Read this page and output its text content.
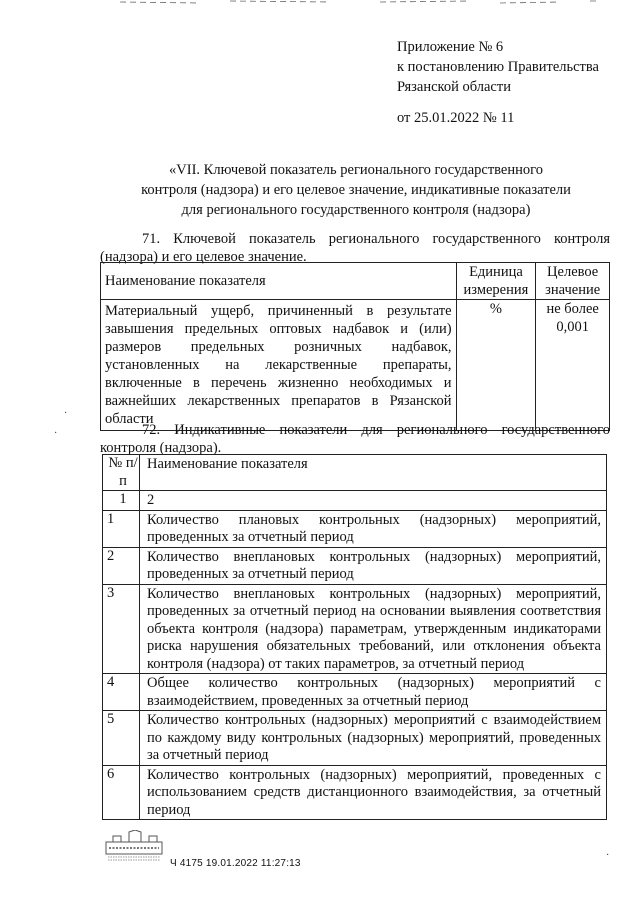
Приложение № 6
к постановлению Правительства
Рязанской области
от 25.01.2022 № 11
«VII. Ключевой показатель регионального государственного
контроля (надзора) и его целевое значение, индикативные показатели
для регионального государственного контроля (надзора)
71. Ключевой показатель регионального государственного контроля (надзора) и его целевое значение.
Наименование показателя	Единица измерения	Целевое значение
Материальный ущерб, причиненный в результате завышения предельных оптовых надбавок и (или) размеров предельных розничных надбавок, установленных на лекарственные препараты, включенные в перечень жизненно необходимых и важнейших лекарственных препаратов в Рязанской области	%	не более 0,001
72. Индикативные показатели для регионального государственного контроля (надзора).
№ п/п	Наименование показателя
1	2
1	Количество плановых контрольных (надзорных) мероприятий, проведенных за отчетный период
2	Количество внеплановых контрольных (надзорных) мероприятий, проведенных за отчетный период
3	Количество внеплановых контрольных (надзорных) мероприятий, проведенных за отчетный период на основании выявления соответствия объекта контроля (надзора) параметрам, утвержденным индикаторами риска нарушения обязательных требований, или отклонения объекта контроля (надзора) от таких параметров, за отчетный период
4	Общее количество контрольных (надзорных) мероприятий с взаимодействием, проведенных за отчетный период
5	Количество контрольных (надзорных) мероприятий с взаимодействием по каждому виду контрольных (надзорных) мероприятий, проведенных за отчетный период
6	Количество контрольных (надзорных) мероприятий, проведенных с использованием средств дистанционного взаимодействия, за отчетный период
Ч 4175 19.01.2022 11:27:13
·
·
·
